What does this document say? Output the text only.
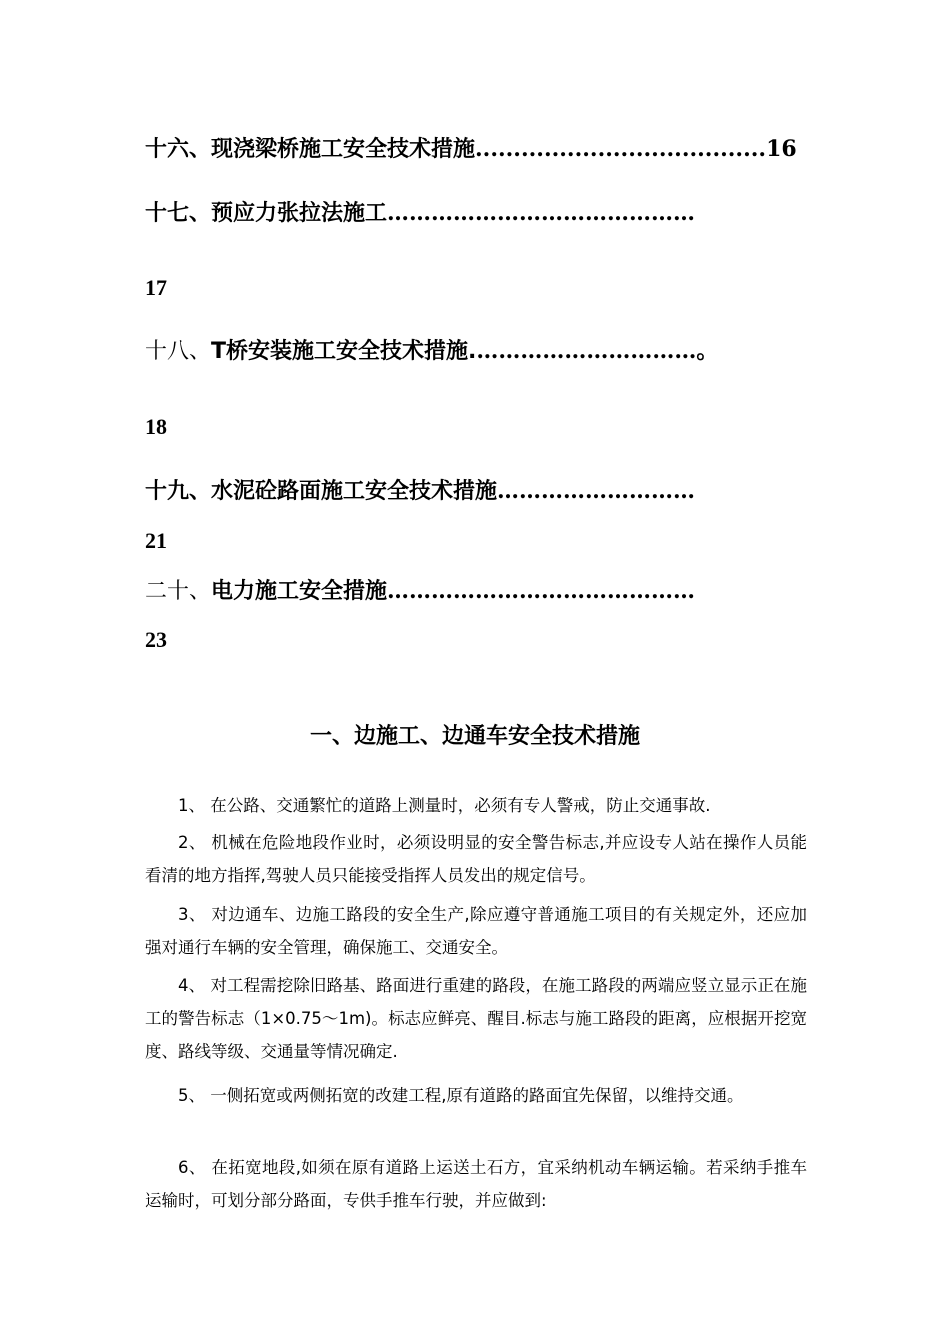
十六、现浇梁桥施工安全技术措施......................................16
十七、预应力张拉法施工……………………………………
17
十八、T桥安装施工安全技术措施.…………………………。
18
十九、水泥砼路面施工安全技术措施………………………
21
二十、电力施工安全措施……………………………………
23
一、边施工、边通车安全技术措施
1、 在公路、交通繁忙的道路上测量时，必须有专人警戒，防止交通事故.
2、 机械在危险地段作业时，必须设明显的安全警告标志,并应设专人站在操作人员能看清的地方指挥,驾驶人员只能接受指挥人员发出的规定信号。
3、 对边通车、边施工路段的安全生产,除应遵守普通施工项目的有关规定外，还应加强对通行车辆的安全管理，确保施工、交通安全。
4、 对工程需挖除旧路基、路面进行重建的路段，在施工路段的两端应竖立显示正在施工的警告标志（1×0.75～1m)。标志应鲜亮、醒目.标志与施工路段的距离，应根据开挖宽度、路线等级、交通量等情况确定.
5、 一侧拓宽或两侧拓宽的改建工程,原有道路的路面宜先保留，以维持交通。
6、 在拓宽地段,如须在原有道路上运送土石方，宜采纳机动车辆运输。若采纳手推车运输时，可划分部分路面，专供手推车行驶，并应做到:
